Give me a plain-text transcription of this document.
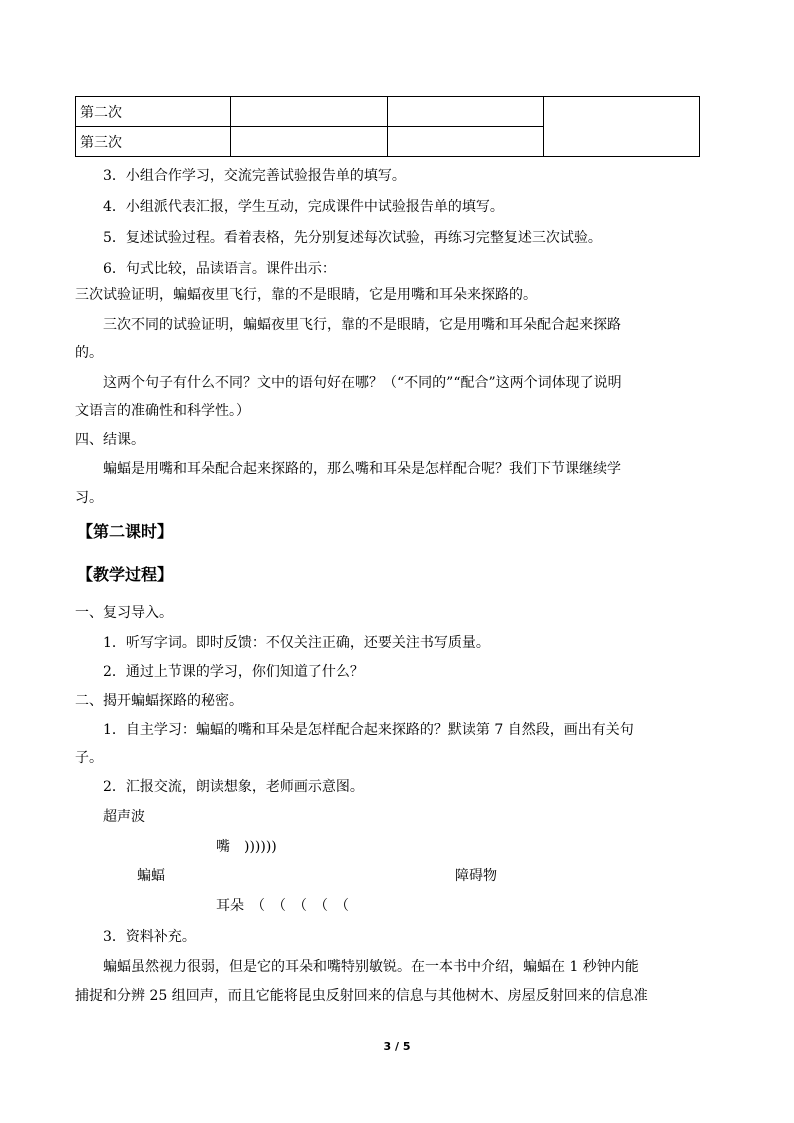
第二次			
第三次			
3．小组合作学习，交流完善试验报告单的填写。
4．小组派代表汇报，学生互动，完成课件中试验报告单的填写。
5．复述试验过程。看着表格，先分别复述每次试验，再练习完整复述三次试验。
6．句式比较，品读语言。课件出示：
三次试验证明，蝙蝠夜里飞行，靠的不是眼睛，它是用嘴和耳朵来探路的。
三次不同的试验证明，蝙蝠夜里飞行，靠的不是眼睛，它是用嘴和耳朵配合起来探路
的。
这两个句子有什么不同？文中的语句好在哪？（“不同的”“配合”这两个词体现了说明
文语言的准确性和科学性。）
四、结课。
蝙蝠是用嘴和耳朵配合起来探路的，那么嘴和耳朵是怎样配合呢？我们下节课继续学
习。
【第二课时】
【教学过程】
一、复习导入。
1．听写字词。即时反馈：不仅关注正确，还要关注书写质量。
2．通过上节课的学习，你们知道了什么？
二、揭开蝙蝠探路的秘密。
1．自主学习：蝙蝠的嘴和耳朵是怎样配合起来探路的？默读第 7 自然段，画出有关句
子。
2．汇报交流，朗读想象，老师画示意图。
超声波
嘴　))))))
蝙蝠	障碍物
耳朵　（　（　（　（　（
3．资料补充。
蝙蝠虽然视力很弱，但是它的耳朵和嘴特别敏锐。在一本书中介绍，蝙蝠在 1 秒钟内能
捕捉和分辨 25 组回声，而且它能将昆虫反射回来的信息与其他树木、房屋反射回来的信息准
3 / 5
